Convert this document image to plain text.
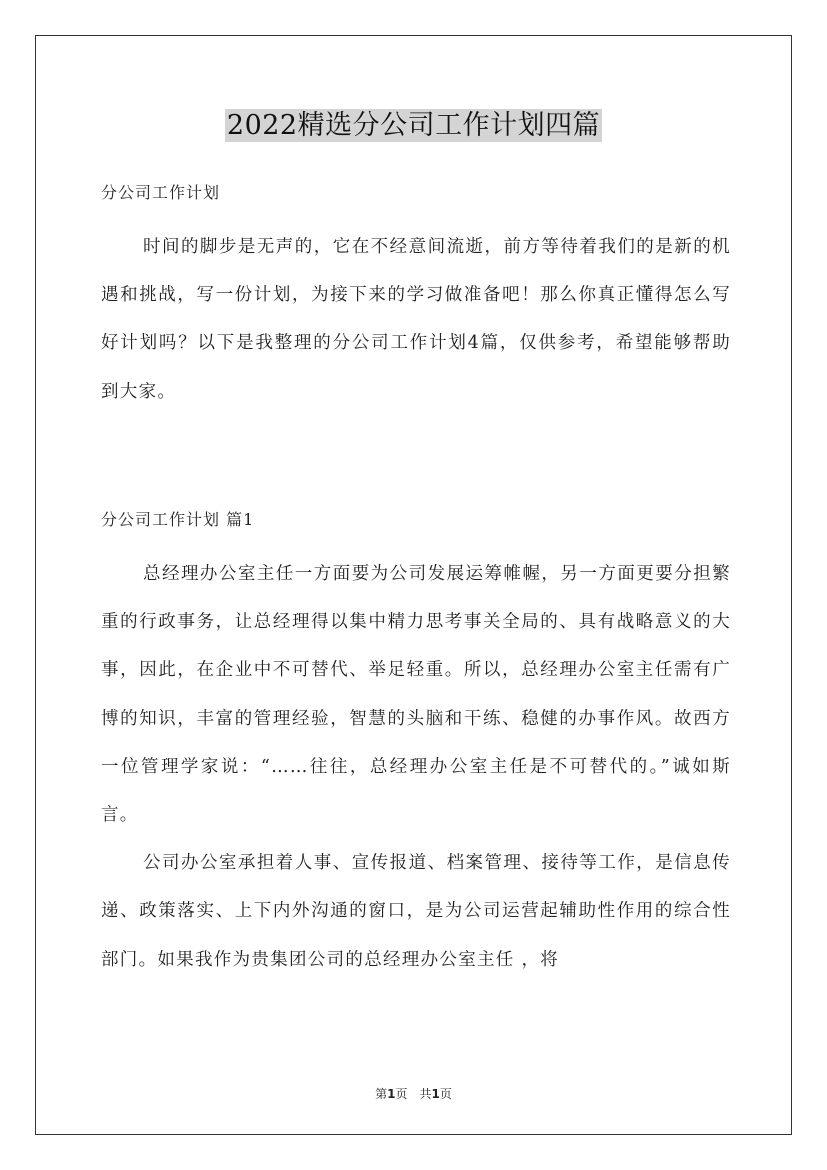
2022精选分公司工作计划四篇

分公司工作计划

时间的脚步是无声的，它在不经意间流逝，前方等待着我们的是新的机遇和挑战，写一份计划，为接下来的学习做准备吧！那么你真正懂得怎么写好计划吗？以下是我整理的分公司工作计划4篇，仅供参考，希望能够帮助到大家。

分公司工作计划 篇1

总经理办公室主任一方面要为公司发展运筹帷幄，另一方面更要分担繁重的行政事务，让总经理得以集中精力思考事关全局的、具有战略意义的大事，因此，在企业中不可替代、举足轻重。所以，总经理办公室主任需有广博的知识，丰富的管理经验，智慧的头脑和干练、稳健的办事作风。故西方一位管理学家说：“……往往，总经理办公室主任是不可替代的。”诚如斯言。

公司办公室承担着人事、宣传报道、档案管理、接待等工作，是信息传递、政策落实、上下内外沟通的窗口，是为公司运营起辅助性作用的综合性部门。如果我作为贵集团公司的总经理办公室主任 ，将

第1页 共1页
